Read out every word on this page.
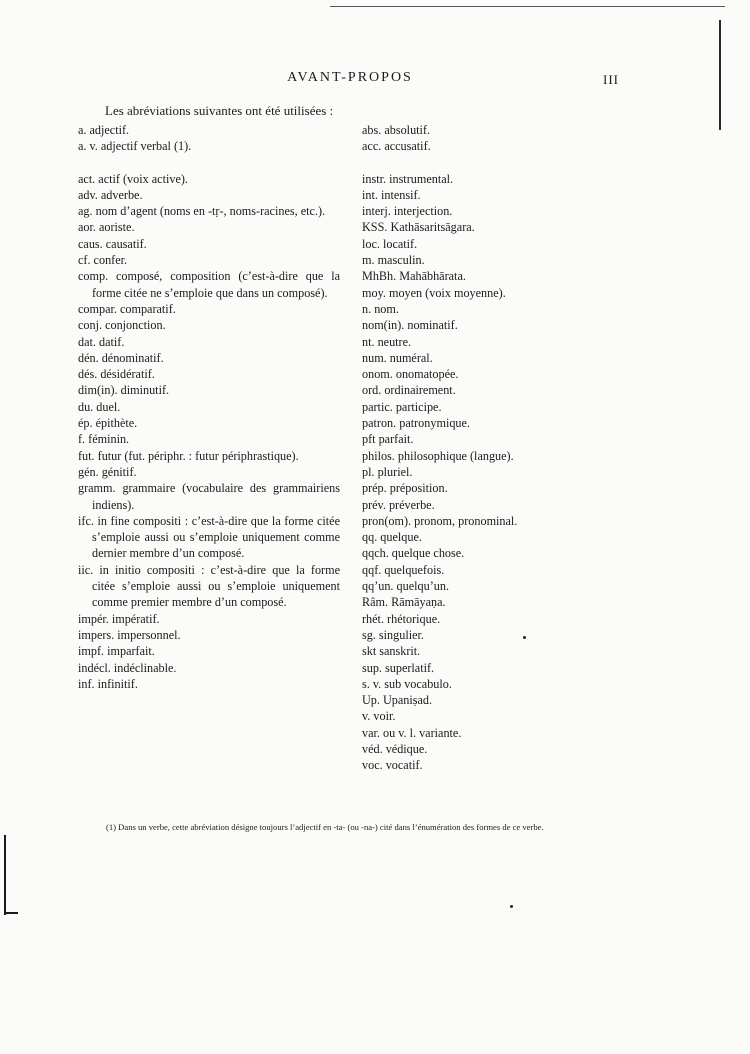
AVANT-PROPOS	III
Les abréviations suivantes ont été utilisées :
a. adjectif.
a. v. adjectif verbal (1).
act. actif (voix active).
adv. adverbe.
ag. nom d’agent (noms en -tṛ-, noms-racines, etc.).
aor. aoriste.
caus. causatif.
cf. confer.
comp. composé, composition (c’est-à-dire que la forme citée ne s’emploie que dans un composé).
compar. comparatif.
conj. conjonction.
dat. datif.
dén. dénominatif.
dés. désidératif.
dim(in). diminutif.
du. duel.
ép. épithète.
f. féminin.
fut. futur (fut. périphr. : futur périphrastique).
gén. génitif.
gramm. grammaire (vocabulaire des grammairiens indiens).
ifc. in fine compositi : c’est-à-dire que la forme citée s’emploie aussi ou s’emploie uniquement comme dernier membre d’un composé.
iic. in initio compositi : c’est-à-dire que la forme citée s’emploie aussi ou s’emploie uniquement comme premier membre d’un composé.
impér. impératif.
impers. impersonnel.
impf. imparfait.
indécl. indéclinable.
inf. infinitif.
abs. absolutif.
acc. accusatif.
instr. instrumental.
int. intensif.
interj. interjection.
KSS. Kathāsaritsāgara.
loc. locatif.
m. masculin.
MhBh. Mahābhārata.
moy. moyen (voix moyenne).
n. nom.
nom(in). nominatif.
nt. neutre.
num. numéral.
onom. onomatopée.
ord. ordinairement.
partic. participe.
patron. patronymique.
pft parfait.
philos. philosophique (langue).
pl. pluriel.
prép. préposition.
prév. préverbe.
pron(om). pronom, pronominal.
qq. quelque.
qqch. quelque chose.
qqf. quelquefois.
qq’un. quelqu’un.
Râm. Rāmāyaṇa.
rhét. rhétorique.
sg. singulier.
skt sanskrit.
sup. superlatif.
s. v. sub vocabulo.
Up. Upaniṣad.
v. voir.
var. ou v. l. variante.
véd. védique.
voc. vocatif.
(1) Dans un verbe, cette abréviation désigne toujours l’adjectif en -ta- (ou -na-) cité dans l’énumération des formes de ce verbe.
